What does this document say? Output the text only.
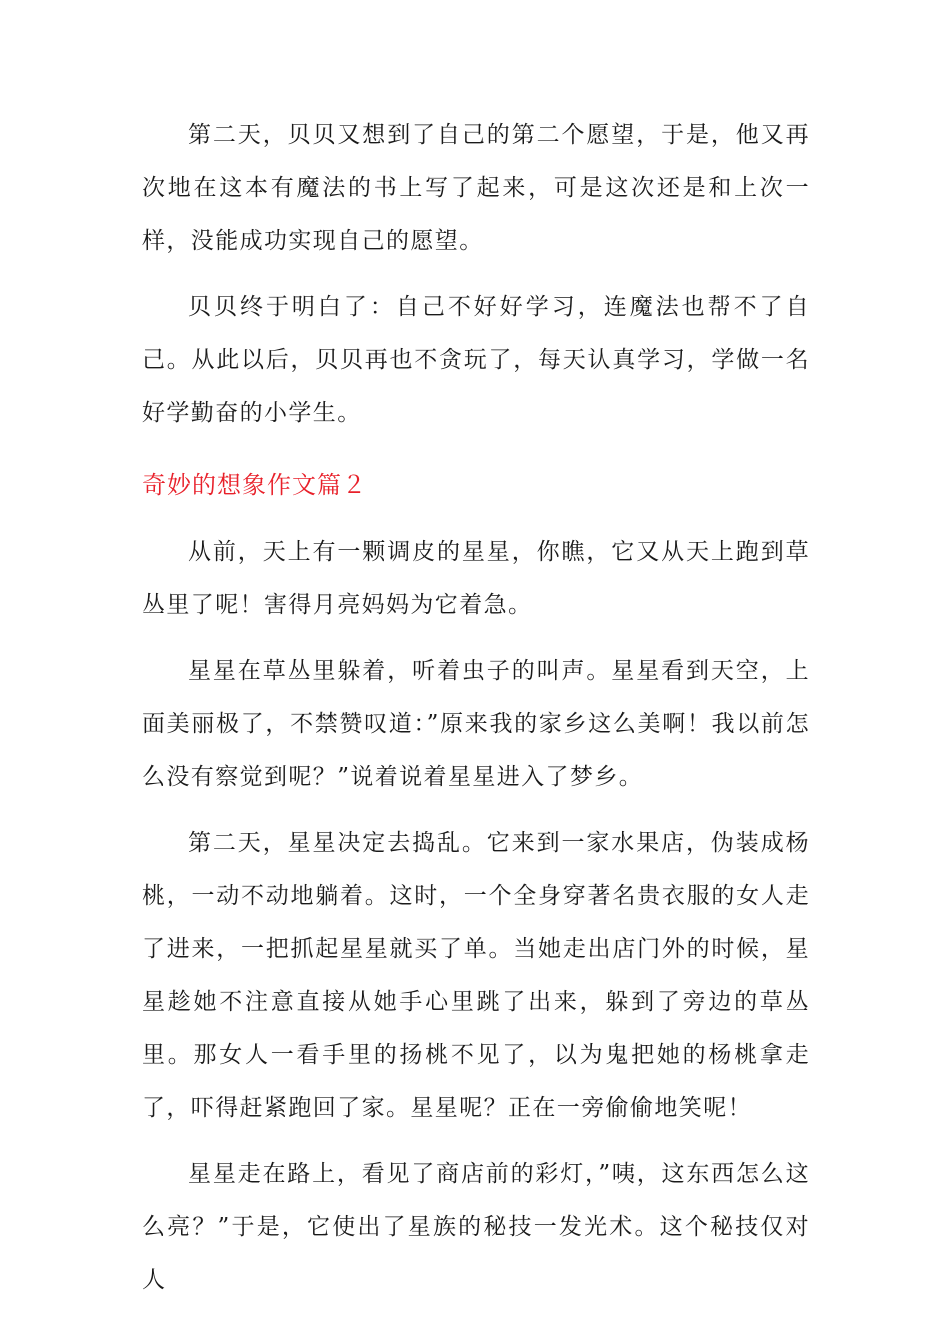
第二天，贝贝又想到了自己的第二个愿望，于是，他又再次地在这本有魔法的书上写了起来，可是这次还是和上次一样，没能成功实现自己的愿望。

贝贝终于明白了：自己不好好学习，连魔法也帮不了自己。从此以后，贝贝再也不贪玩了，每天认真学习，学做一名好学勤奋的小学生。

奇妙的想象作文篇２

从前，天上有一颗调皮的星星，你瞧，它又从天上跑到草丛里了呢！害得月亮妈妈为它着急。

星星在草丛里躲着，听着虫子的叫声。星星看到天空，上面美丽极了，不禁赞叹道：”原来我的家乡这么美啊！我以前怎么没有察觉到呢？”说着说着星星进入了梦乡。

第二天，星星决定去捣乱。它来到一家水果店，伪装成杨桃，一动不动地躺着。这时，一个全身穿著名贵衣服的女人走了进来，一把抓起星星就买了单。当她走出店门外的时候，星星趁她不注意直接从她手心里跳了出来，躲到了旁边的草丛里。那女人一看手里的扬桃不见了，以为鬼把她的杨桃拿走了，吓得赶紧跑回了家。星星呢？正在一旁偷偷地笑呢！

星星走在路上，看见了商店前的彩灯，”咦，这东西怎么这么亮？”于是，它使出了星族的秘技一发光术。这个秘技仅对人
